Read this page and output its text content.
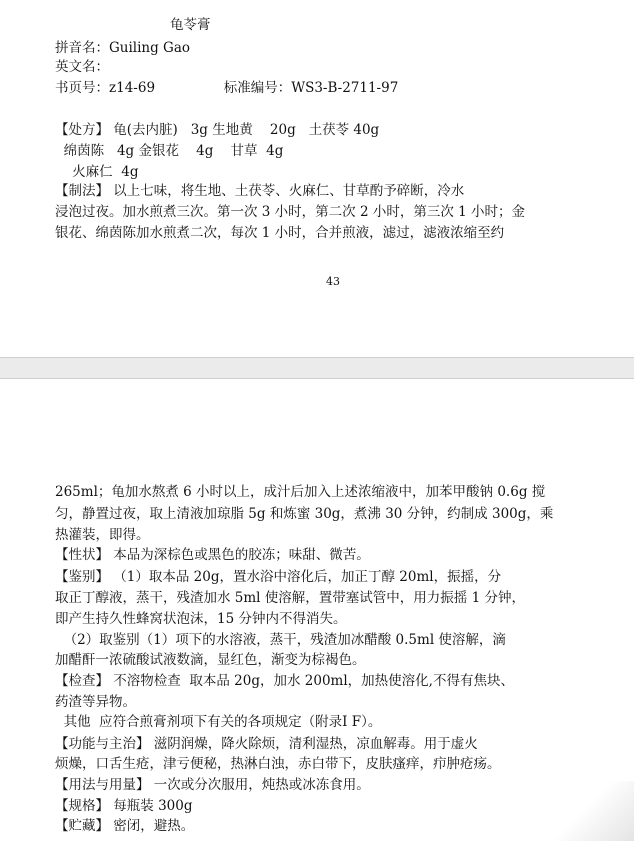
龟苓膏

拼音名：Guiling Gao

英文名：

书页号：z14-69                标准编号：WS3-B-2711-97

【处方】 龟(去内脏)   3g 生地黄    20g   土茯苓 40g

绵茵陈   4g 金银花    4g    甘草  4g

火麻仁  4g

【制法】 以上七味，将生地、土茯苓、火麻仁、甘草酌予碎断，冷水

浸泡过夜。加水煎煮三次。第一次 3 小时，第二次 2 小时，第三次 1 小时；金

银花、绵茵陈加水煎煮二次，每次 1 小时，合并煎液，滤过，滤液浓缩至约

43

265ml；龟加水熬煮 6 小时以上，成汁后加入上述浓缩液中，加苯甲酸钠 0.6g 搅

匀，静置过夜，取上清液加琼脂 5g 和炼蜜 30g，煮沸 30 分钟，约制成 300g，乘

热灌装，即得。

【性状】 本品为深棕色或黑色的胶冻；味甜、微苦。

【鉴别】 （1）取本品 20g，置水浴中溶化后，加正丁醇 20ml，振摇，分

取正丁醇液，蒸干，残渣加水 5ml 使溶解，置带塞试管中，用力振摇 1 分钟，

即产生持久性蜂窝状泡沫，15 分钟内不得消失。

（2）取鉴别（1）项下的水溶液，蒸干，残渣加冰醋酸 0.5ml 使溶解，滴

加醋酐一浓硫酸试液数滴，显红色，渐变为棕褐色。

【检查】 不溶物检查  取本品 20g，加水 200ml，加热使溶化,不得有焦块、

药渣等异物。

其他  应符合煎膏剂项下有关的各项规定（附录Ⅰ F）。

【功能与主治】 滋阴润燥，降火除烦，清利湿热，凉血解毒。用于虚火

烦燥，口舌生疮，津亏便秘，热淋白浊，赤白带下，皮肤瘙痒，疖肿疮疡。

【用法与用量】 一次或分次服用，炖热或冰冻食用。

【规格】 每瓶装 300g

【贮藏】 密闭，避热。
